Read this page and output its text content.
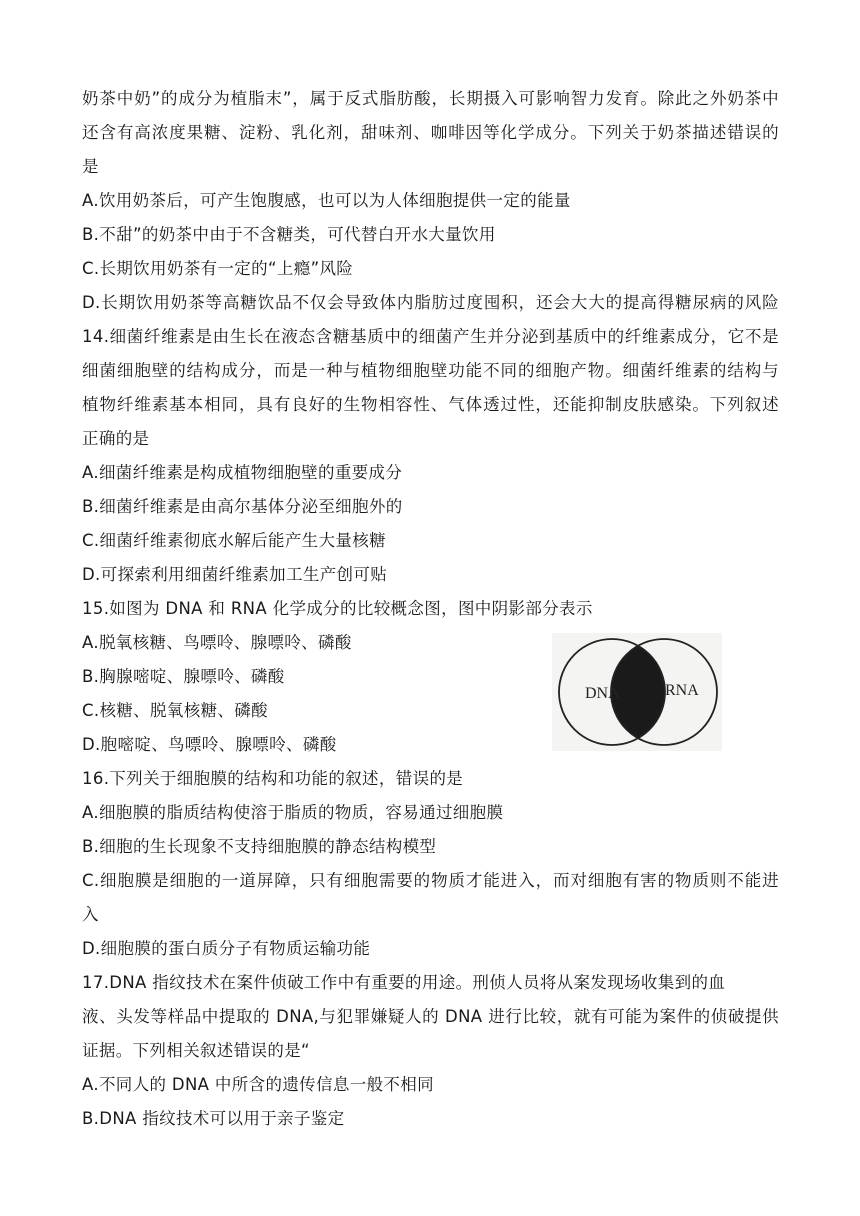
奶茶中奶”的成分为植脂末”，属于反式脂肪酸，长期摄入可影响智力发育。除此之外奶茶中
还含有高浓度果糖、淀粉、乳化剂，甜味剂、咖啡因等化学成分。下列关于奶茶描述错误的
是
A.饮用奶茶后，可产生饱腹感，也可以为人体细胞提供一定的能量
B.不甜”的奶茶中由于不含糖类，可代替白开水大量饮用
C.长期饮用奶茶有一定的“上瘾”风险
D.长期饮用奶茶等高糖饮品不仅会导致体内脂肪过度囤积，还会大大的提高得糖尿病的风险
14.细菌纤维素是由生长在液态含糖基质中的细菌产生并分泌到基质中的纤维素成分，它不是
细菌细胞壁的结构成分，而是一种与植物细胞壁功能不同的细胞产物。细菌纤维素的结构与
植物纤维素基本相同，具有良好的生物相容性、气体透过性，还能抑制皮肤感染。下列叙述
正确的是
A.细菌纤维素是构成植物细胞壁的重要成分
B.细菌纤维素是由高尔基体分泌至细胞外的
C.细菌纤维素彻底水解后能产生大量核糖
D.可探索利用细菌纤维素加工生产创可贴
15.如图为 DNA 和 RNA 化学成分的比较概念图，图中阴影部分表示
A.脱氧核糖、鸟嘌呤、腺嘌呤、磷酸
B.胸腺嘧啶、腺嘌呤、磷酸
C.核糖、脱氧核糖、磷酸
D.胞嘧啶、鸟嘌呤、腺嘌呤、磷酸
16.下列关于细胞膜的结构和功能的叙述，错误的是
A.细胞膜的脂质结构使溶于脂质的物质，容易通过细胞膜
B.细胞的生长现象不支持细胞膜的静态结构模型
C.细胞膜是细胞的一道屏障，只有细胞需要的物质才能进入，而对细胞有害的物质则不能进
入
D.细胞膜的蛋白质分子有物质运输功能
17.DNA 指纹技术在案件侦破工作中有重要的用途。刑侦人员将从案发现场收集到的血
液、头发等样品中提取的 DNA,与犯罪嫌疑人的 DNA 进行比较，就有可能为案件的侦破提供
证据。下列相关叙述错误的是“
A.不同人的 DNA 中所含的遗传信息一般不相同
B.DNA 指纹技术可以用于亲子鉴定
DNA	RNA
